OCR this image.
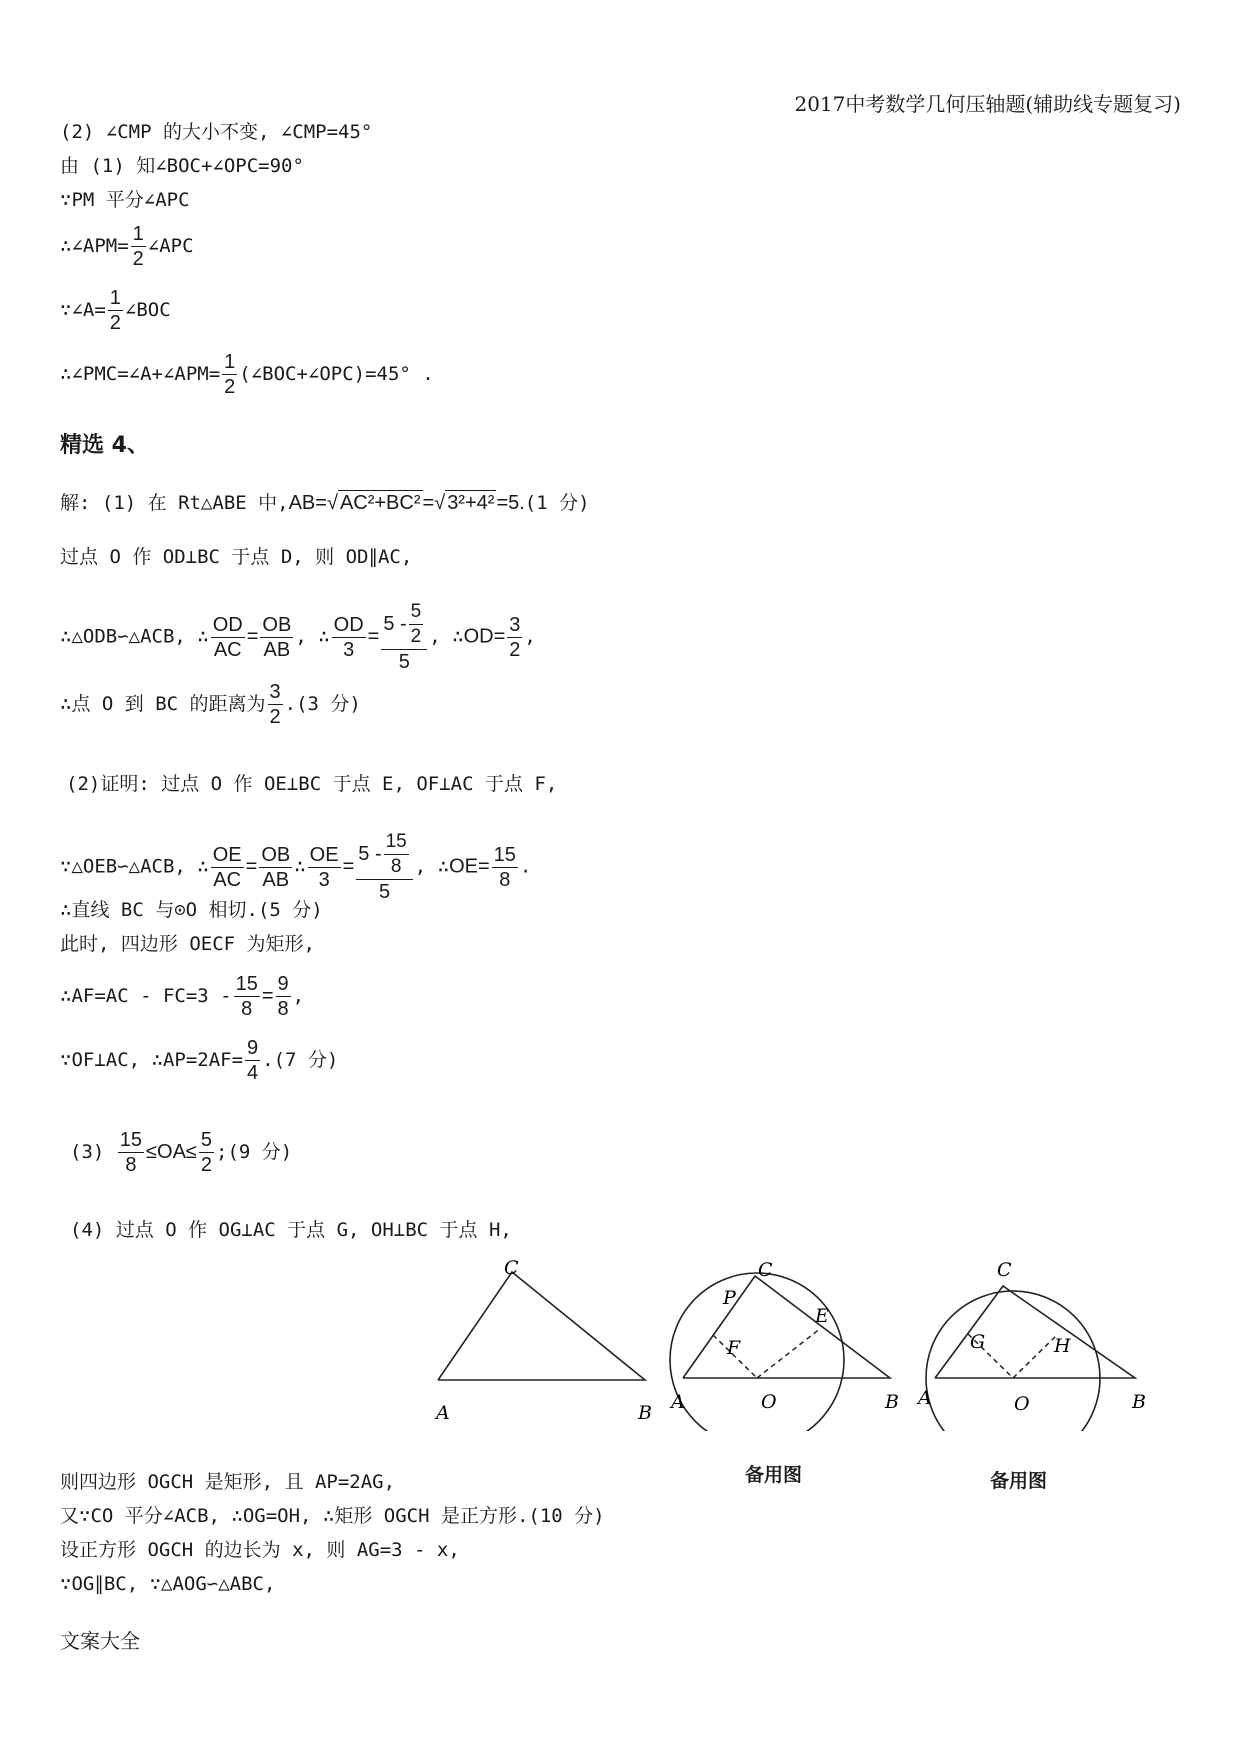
2017中考数学几何压轴题(辅助线专题复习)
(2) ∠CMP 的大小不变, ∠CMP=45°
由 (1) 知∠BOC+∠OPC=90°
∵PM 平分∠APC
∴∠APM= $\frac{1}{2}$ ∠APC
∵∠A= $\frac{1}{2}$ ∠BOC
∴∠PMC=∠A+∠APM= $\frac{1}{2}$ (∠BOC+∠OPC)=45° .
精选 4、
解: (1) 在 Rt△ABE 中,AB=√ AC²+BC² =√ 3²+4² =5.(1 分)
过点 O 作 OD⊥BC 于点 D, 则 OD∥AC,
∴△ODB∽△ACB, ∴ $\frac{OD}{AC} = \frac{OB}{AB}$ , ∴ $\frac{OD}{3} = \frac{5 - \frac{5}{2}}{5}$ , ∴OD= $\frac{3}{2}$ ,
∴点 O 到 BC 的距离为 $\frac{3}{2} .(3$ 分)
(2)证明: 过点 O 作 OE⊥BC 于点 E, OF⊥AC 于点 F,
∵△OEB∽△ACB, ∴ $\frac{OE}{AC} = \frac{OB}{AB}$ ∴ $\frac{OE}{3} = \frac{5 - \frac{15}{8}}{5}$ , ∴OE= $\frac{15}{8}$ .
∴直线 BC 与⊙O 相切.(5 分)
此时, 四边形 OECF 为矩形,
∴AF=AC - $FC=3 - \frac{15}{8} = \frac{9}{8}$ ,
∵OF⊥AC, ∴AP=2AF= $\frac{9}{4} .(7$ 分)
$(3) \frac{15}{8} \le OA\le \frac{5}{2}$ ;(9 分)
(4) 过点 O 作 OG⊥AC 于点 G, OH⊥BC 于点 H,
C
A	B
C
P
E
F
A	O	B
备用图
C
G	H
A	O	B
备用图
则四边形 OGCH 是矩形, 且 AP=2AG,
又∵CO 平分∠ACB, ∴OG=OH, ∴矩形 OGCH 是正方形.(10 分)
设正方形 OGCH 的边长为 x, 则 AG=3 - x,
∵OG∥BC, ∵△AOG∽△ABC,
文案大全
